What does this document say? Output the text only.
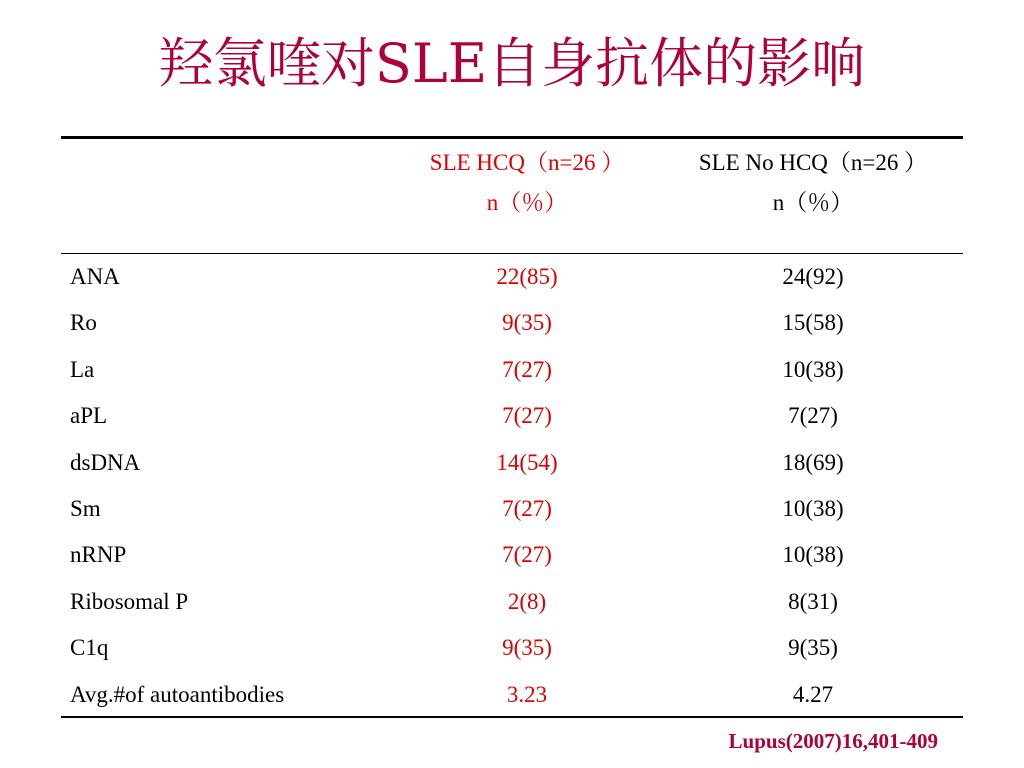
羟氯喹对SLE自身抗体的影响
SLE HCQ（n=26 ）
n（％）
SLE No HCQ（n=26 ）
n（％）
ANA	22(85)	24(92)
Ro	9(35)	15(58)
La	7(27)	10(38)
aPL	7(27)	7(27)
dsDNA	14(54)	18(69)
Sm	7(27)	10(38)
nRNP	7(27)	10(38)
Ribosomal P	2(8)	8(31)
C1q	9(35)	9(35)
Avg.#of autoantibodies	3.23	4.27
Lupus(2007)16,401-409
